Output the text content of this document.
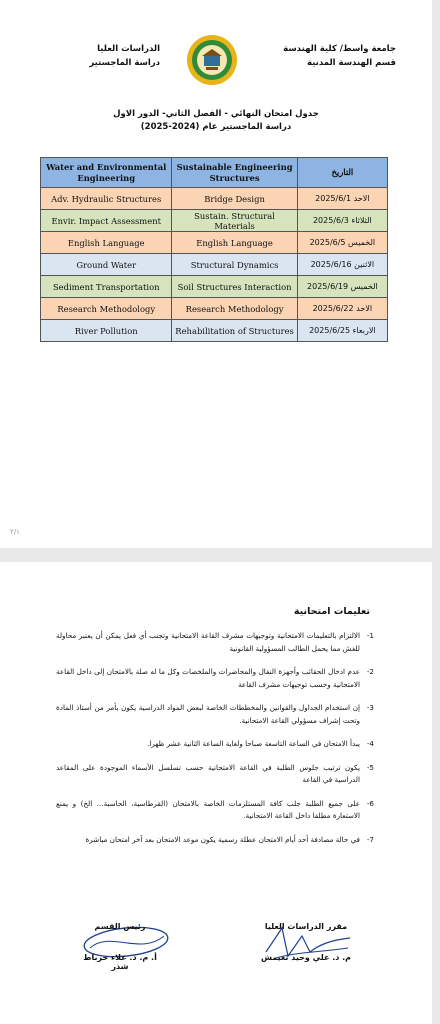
جامعة واسط/ كلية الهندسة
قسم الهندسة المدنية
الدراسات العليا
دراسة الماجستير
جدول امتحان النهائي - الفصل الثاني- الدور الاول
دراسة الماجستير عام (2024-2025)
Water and Environmental Engineering	Sustainable Engineering Structures	التاريخ
Adv. Hydraulic Structures	Bridge Design	الاحد 2025/6/1
Envir. Impact Assessment	Sustain. Structural Materials	الثلاثاء 2025/6/3
English Language	English Language	الخميس 2025/6/5
Ground Water	Structural Dynamics	الاثنين 2025/6/16
Sediment Transportation	Soil Structures Interaction	الخميس 2025/6/19
Research Methodology	Research Methodology	الاحد 2025/6/22
River Pollution	Rehabilitation of Structures	الاربعاء 2025/6/25
٢/١
تعليمات امتحانية
1-
الالتزام بالتعليمات الامتحانية وتوجيهات مشرف القاعة الامتحانية وتجنب أي فعل يمكن أن يعتبر محاولة للغش مما يحمل الطالب المسؤولية القانونية
2-
عدم ادخال الحقائب وأجهزة النقال والمحاضرات والملخصات وكل ما له صلة بالامتحان إلى داخل القاعة الامتحانية وحسب توجيهات مشرف القاعة
3-
إن استخدام الجداول والقوانين والمخططات الخاصة لبعض المواد الدراسية يكون بأمر من أستاذ المادة وتحت إشراف مسؤولي القاعة الامتحانية.
4-
يبدأ الامتحان في الساعة التاسعة صباحا ولغاية الساعة الثانية عشر ظهرا.
5-
يكون ترتيب جلوس الطلبة في القاعة الامتحانية حسب تسلسل الأسماء الموجودة على المقاعد الدراسية في القاعة
6-
على جميع الطلبة جلب كافة المستلزمات الخاصة بالامتحان (القرطاسية، الحاسبة... الخ) و يمنع الاستعارة مطلقا داخل القاعة الامتحانية.
7-
في حالة مصادفة أحد أيام الامتحان عطلة رسمية يكون موعد الامتحان بعد آخر امتحان مباشرة
رئيس القسم
أ. م. د. علاء خرباط شذر
مقرر الدراسات العليا
م. د. علي وحيد نغيمش
